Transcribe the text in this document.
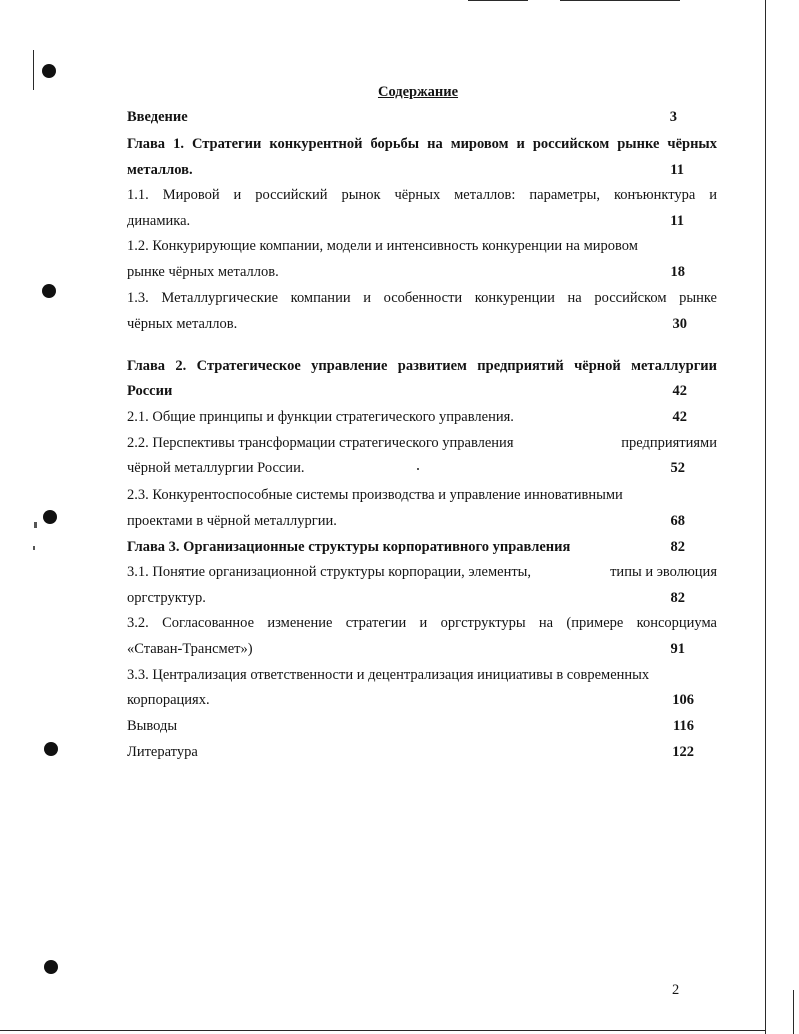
Содержание
Введение	3
Глава 1. Стратегии конкурентной борьбы на мировом и российском рынке чёрных
металлов.	11
1.1. Мировой и российский рынок чёрных металлов: параметры, конъюнктура и
динамика.	11
1.2. Конкурирующие компании, модели и интенсивность конкуренции на мировом
рынке чёрных металлов.	18
1.3. Металлургические компании и особенности конкуренции на российском рынке
чёрных металлов.	30
Глава 2. Стратегическое управление развитием предприятий чёрной металлургии
России	42
2.1. Общие принципы и функции стратегического управления.	42
2.2. Перспективы трансформации стратегического управления	предприятиями
чёрной металлургии России.	52
2.3. Конкурентоспособные системы производства и управление инновативными
проектами в чёрной металлургии.	68
Глава 3. Организационные структуры корпоративного управления	82
3.1. Понятие организационной структуры корпорации, элементы,	типы и эволюция
оргструктур.	82
3.2. Согласованное изменение стратегии и оргструктуры на (примере консорциума
«Ставан-Трансмет»)	91
3.3. Централизация ответственности и децентрализация инициативы в современных
корпорациях.	106
Выводы	116
Литература	122
2
